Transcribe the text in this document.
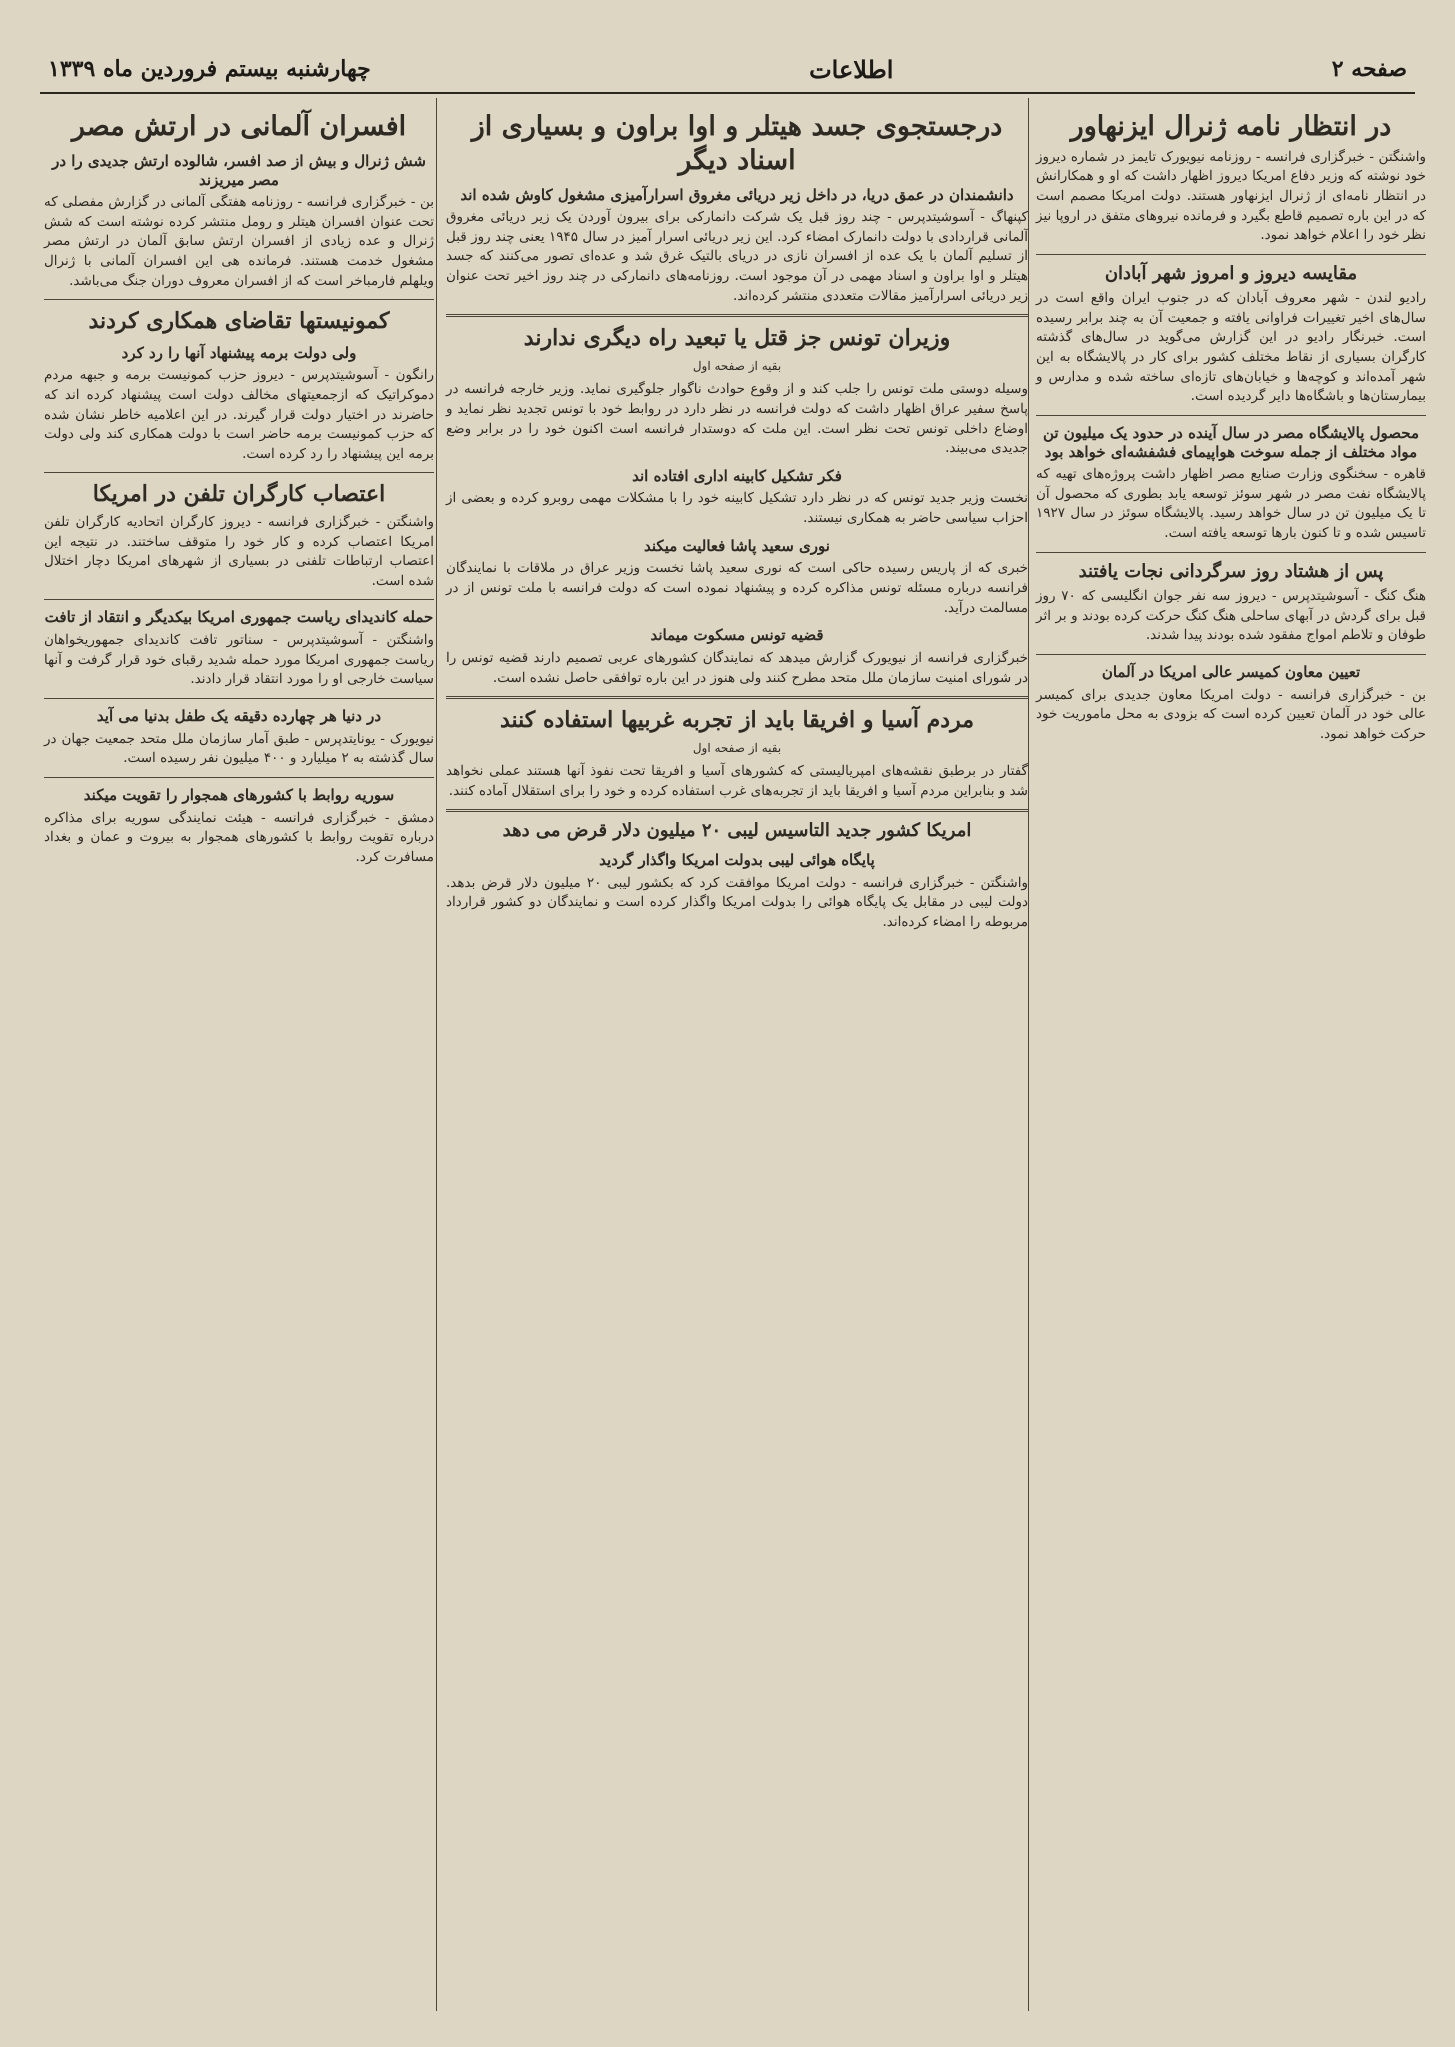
صفحه ۲
اطلاعات
چهارشنبه بیستم فروردین ماه ۱۳۳۹
در انتظار نامه ژنرال ایزنهاور

واشنگتن - خبرگزاری فرانسه - روزنامه نیویورک تایمز در شماره دیروز خود نوشته که وزیر دفاع امریکا دیروز اظهار داشت که او و همکارانش در انتظار نامه‌ای از ژنرال ایزنهاور هستند. دولت امریکا مصمم است که در این باره تصمیم قاطع بگیرد و فرمانده نیروهای متفق در اروپا نیز نظر خود را اعلام خواهد نمود.

مقایسه دیروز و امروز شهر آبادان

رادیو لندن - شهر معروف آبادان که در جنوب ایران واقع است در سال‌های اخیر تغییرات فراوانی یافته و جمعیت آن به چند برابر رسیده است. خبرنگار رادیو در این گزارش می‌گوید در سال‌های گذشته کارگران بسیاری از نقاط مختلف کشور برای کار در پالایشگاه به این شهر آمده‌اند و کوچه‌ها و خیابان‌های تازه‌ای ساخته شده و مدارس و بیمارستان‌ها و باشگاه‌ها دایر گردیده است.

محصول پالایشگاه مصر در سال آینده در حدود یک میلیون تن مواد مختلف از جمله سوخت هواپیمای فشفشه‌ای خواهد بود

قاهره - سخنگوی وزارت صنایع مصر اظهار داشت پروژه‌های تهیه که پالایشگاه نفت مصر در شهر سوئز توسعه یابد بطوری که محصول آن تا یک میلیون تن در سال خواهد رسید. پالایشگاه سوئز در سال ۱۹۲۷ تاسیس شده و تا کنون بارها توسعه یافته است.

پس از هشتاد روز سرگردانی نجات یافتند

هنگ کنگ - آسوشیتدپرس - دیروز سه نفر جوان انگلیسی که ۷۰ روز قبل برای گردش در آبهای ساحلی هنگ کنگ حرکت کرده بودند و بر اثر طوفان و تلاطم امواج مفقود شده بودند پیدا شدند.

تعیین معاون کمیسر عالی امریکا در آلمان

بن - خبرگزاری فرانسه - دولت امریکا معاون جدیدی برای کمیسر عالی خود در آلمان تعیین کرده است که بزودی به محل ماموریت خود حرکت خواهد نمود.

درجستجوی جسد هیتلر و اوا براون و بسیاری از اسناد دیگر
دانشمندان در عمق دریا، در داخل زیر دریائی مغروق اسرارآمیزی مشغول کاوش شده اند

کپنهاگ - آسوشیتدپرس - چند روز قبل یک شرکت دانمارکی برای بیرون آوردن یک زیر دریائی مغروق آلمانی قراردادی با دولت دانمارک امضاء کرد. این زیر دریائی اسرار آمیز در سال ۱۹۴۵ یعنی چند روز قبل از تسلیم آلمان با یک عده از افسران نازی در دریای بالتیک غرق شد و عده‌ای تصور می‌کنند که جسد هیتلر و اوا براون و اسناد مهمی در آن موجود است. روزنامه‌های دانمارکی در چند روز اخیر تحت عنوان زیر دریائی اسرارآمیز مقالات متعددی منتشر کرده‌اند.

وزیران تونس جز قتل یا تبعید راه دیگری ندارند
بقیه از صفحه اول

وسیله دوستی ملت تونس را جلب کند و از وقوع حوادث ناگوار جلوگیری نماید. وزیر خارجه فرانسه در پاسخ سفیر عراق اظهار داشت که دولت فرانسه در نظر دارد در روابط خود با تونس تجدید نظر نماید و اوضاع داخلی تونس تحت نظر است. این ملت که دوستدار فرانسه است اکنون خود را در برابر وضع جدیدی می‌بیند.

فکر تشکیل کابینه اداری افتاده اند

نخست وزیر جدید تونس که در نظر دارد تشکیل کابینه خود را با مشکلات مهمی روبرو کرده و بعضی از احزاب سیاسی حاضر به همکاری نیستند.

نوری سعید پاشا فعالیت میکند

خبری که از پاریس رسیده حاکی است که نوری سعید پاشا نخست وزیر عراق در ملاقات با نمایندگان فرانسه درباره مسئله تونس مذاکره کرده و پیشنهاد نموده است که دولت فرانسه با ملت تونس از در مسالمت درآید.

قضیه تونس مسکوت میماند

خبرگزاری فرانسه از نیویورک گزارش میدهد که نمایندگان کشورهای عربی تصمیم دارند قضیه تونس را در شورای امنیت سازمان ملل متحد مطرح کنند ولی هنوز در این باره توافقی حاصل نشده است.

مردم آسیا و افریقا باید از تجربه غربیها استفاده کنند
بقیه از صفحه اول

گفتار در برطبق نقشه‌های امپریالیستی که کشورهای آسیا و افریقا تحت نفوذ آنها هستند عملی نخواهد شد و بنابراین مردم آسیا و افریقا باید از تجربه‌های غرب استفاده کرده و خود را برای استقلال آماده کنند.

امریکا کشور جدید التاسیس لیبی ۲۰ میلیون دلار قرض می دهد
پایگاه هوائی لیبی بدولت امریکا واگذار گردید

واشنگتن - خبرگزاری فرانسه - دولت امریکا موافقت کرد که بکشور لیبی ۲۰ میلیون دلار قرض بدهد. دولت لیبی در مقابل یک پایگاه هوائی را بدولت امریکا واگذار کرده است و نمایندگان دو کشور قرارداد مربوطه را امضاء کرده‌اند.

افسران آلمانی در ارتش مصر
شش ژنرال و بیش از صد افسر، شالوده ارتش جدیدی را در مصر میریزند

بن - خبرگزاری فرانسه - روزنامه هفتگی آلمانی در گزارش مفصلی که تحت عنوان افسران هیتلر و رومل منتشر کرده نوشته است که شش ژنرال و عده زیادی از افسران ارتش سابق آلمان در ارتش مصر مشغول خدمت هستند. فرمانده هی این افسران آلمانی با ژنرال ویلهلم فارمباخر است که از افسران معروف دوران جنگ می‌باشد.

کمونیستها تقاضای همکاری کردند
ولی دولت برمه پیشنهاد آنها را رد کرد

رانگون - آسوشیتدپرس - دیروز حزب کمونیست برمه و جبهه مردم دموکراتیک که ازجمعیتهای مخالف دولت است پیشنهاد کرده اند که حاضرند در اختیار دولت قرار گیرند. در این اعلامیه خاطر نشان شده که حزب کمونیست برمه حاضر است با دولت همکاری کند ولی دولت برمه این پیشنهاد را رد کرده است.

اعتصاب کارگران تلفن در امریکا

واشنگتن - خبرگزاری فرانسه - دیروز کارگران اتحادیه کارگران تلفن امریکا اعتصاب کرده و کار خود را متوقف ساختند. در نتیجه این اعتصاب ارتباطات تلفنی در بسیاری از شهرهای امریکا دچار اختلال شده است.

حمله کاندیدای ریاست جمهوری امریکا بیکدیگر و انتقاد از تافت

واشنگتن - آسوشیتدپرس - سناتور تافت کاندیدای جمهوریخواهان ریاست جمهوری امریکا مورد حمله شدید رقبای خود قرار گرفت و آنها سیاست خارجی او را مورد انتقاد قرار دادند.

در دنیا هر چهارده دقیقه یک طفل بدنیا می آید

نیویورک - یونایتدپرس - طبق آمار سازمان ملل متحد جمعیت جهان در سال گذشته به ۲ میلیارد و ۴۰۰ میلیون نفر رسیده است.

سوریه روابط با کشورهای همجوار را تقویت میکند

دمشق - خبرگزاری فرانسه - هیئت نمایندگی سوریه برای مذاکره درباره تقویت روابط با کشورهای همجوار به بیروت و عمان و بغداد مسافرت کرد.
